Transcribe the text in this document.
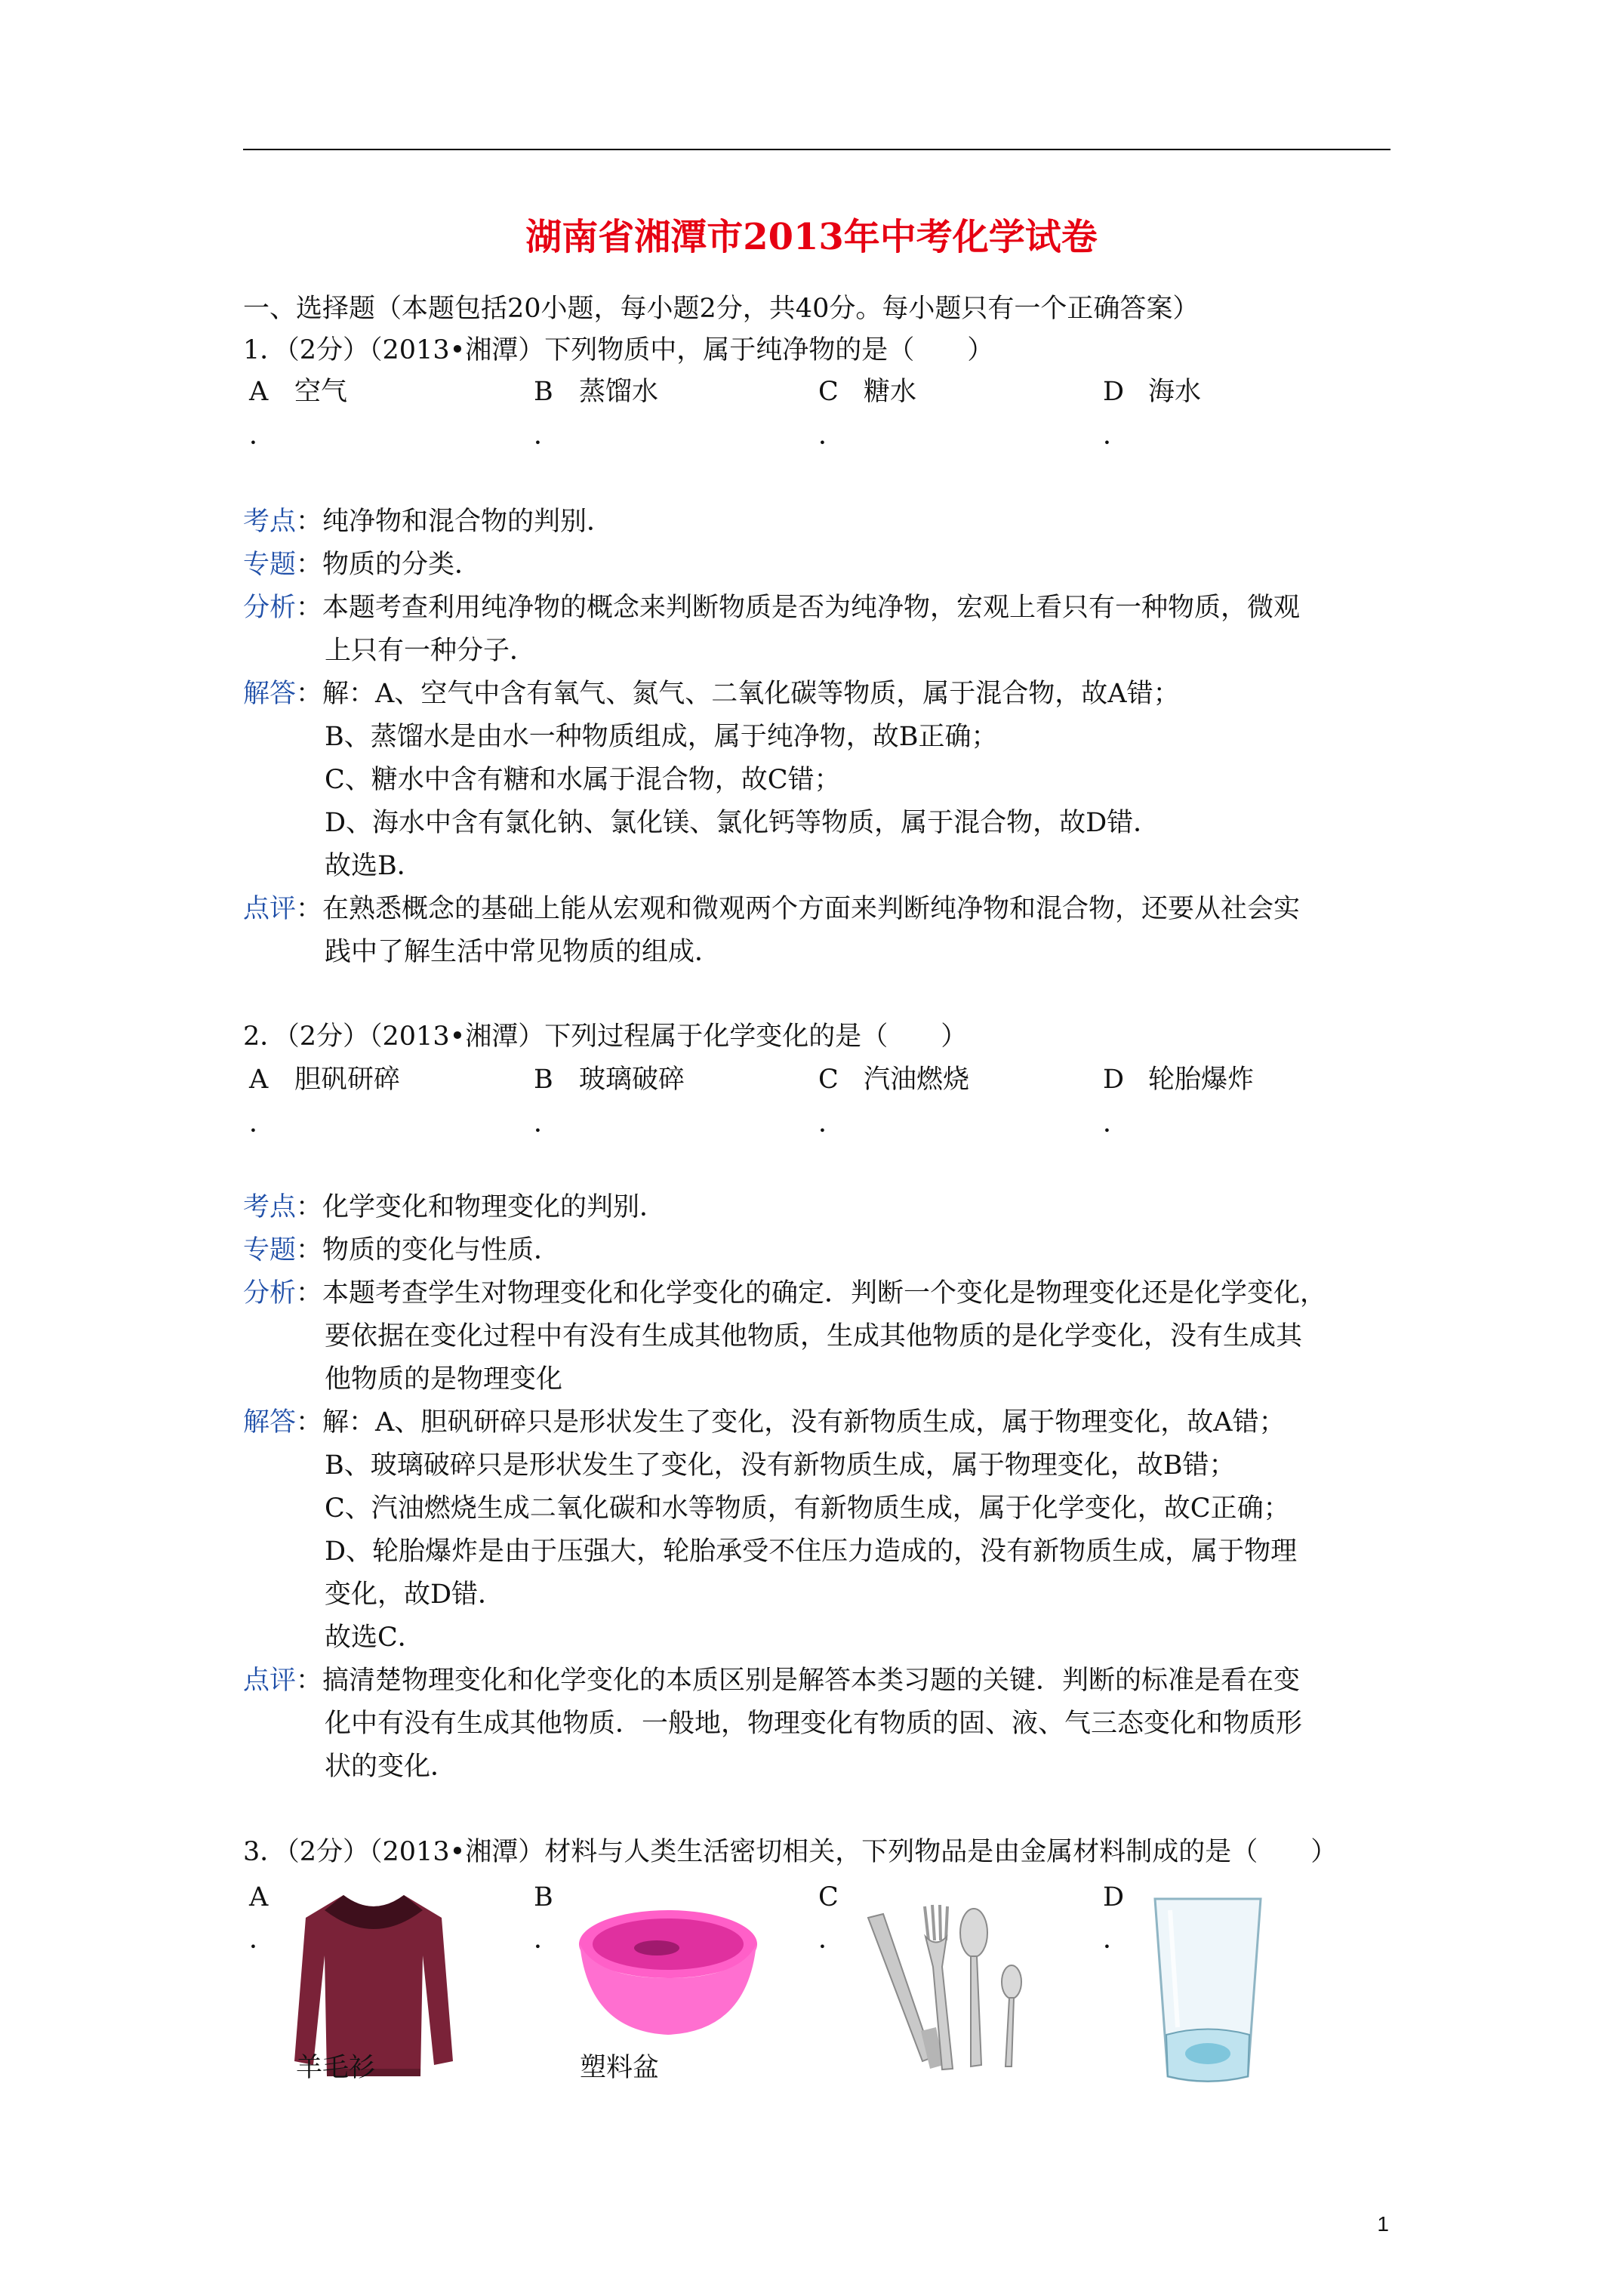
湖南省湘潭市2013年中考化学试卷
一、选择题（本题包括20小题，每小题2分，共40分。每小题只有一个正确答案）
1．（2分）（2013•湘潭）下列物质中，属于纯净物的是（　　）
A 空气	B 蒸馏水	C 糖水	D 海水
．	．	．	．
考点：纯净物和混合物的判别．
专题：物质的分类．
分析：本题考查利用纯净物的概念来判断物质是否为纯净物，宏观上看只有一种物质，微观
上只有一种分子．
解答：解：A、空气中含有氧气、氮气、二氧化碳等物质，属于混合物，故A错；
B、蒸馏水是由水一种物质组成，属于纯净物，故B正确；
C、糖水中含有糖和水属于混合物，故C错；
D、海水中含有氯化钠、氯化镁、氯化钙等物质，属于混合物，故D错．
故选B．
点评：在熟悉概念的基础上能从宏观和微观两个方面来判断纯净物和混合物，还要从社会实
践中了解生活中常见物质的组成．
2．（2分）（2013•湘潭）下列过程属于化学变化的是（　　）
A 胆矾研碎	B 玻璃破碎	C 汽油燃烧	D 轮胎爆炸
．	．	．	．
考点：化学变化和物理变化的判别．
专题：物质的变化与性质．
分析：本题考查学生对物理变化和化学变化的确定．判断一个变化是物理变化还是化学变化，
要依据在变化过程中有没有生成其他物质，生成其他物质的是化学变化，没有生成其
他物质的是物理变化
解答：解：A、胆矾研碎只是形状发生了变化，没有新物质生成，属于物理变化，故A错；
B、玻璃破碎只是形状发生了变化，没有新物质生成，属于物理变化，故B错；
C、汽油燃烧生成二氧化碳和水等物质，有新物质生成，属于化学变化，故C正确；
D、轮胎爆炸是由于压强大，轮胎承受不住压力造成的，没有新物质生成，属于物理
变化，故D错．
故选C．
点评：搞清楚物理变化和化学变化的本质区别是解答本类习题的关键．判断的标准是看在变
化中有没有生成其他物质．一般地，物理变化有物质的固、液、气三态变化和物质形
状的变化．
3．（2分）（2013•湘潭）材料与人类生活密切相关，下列物品是由金属材料制成的是（　　）
A	B	C	D
．	．	．	．
羊毛衫	塑料盆
1
